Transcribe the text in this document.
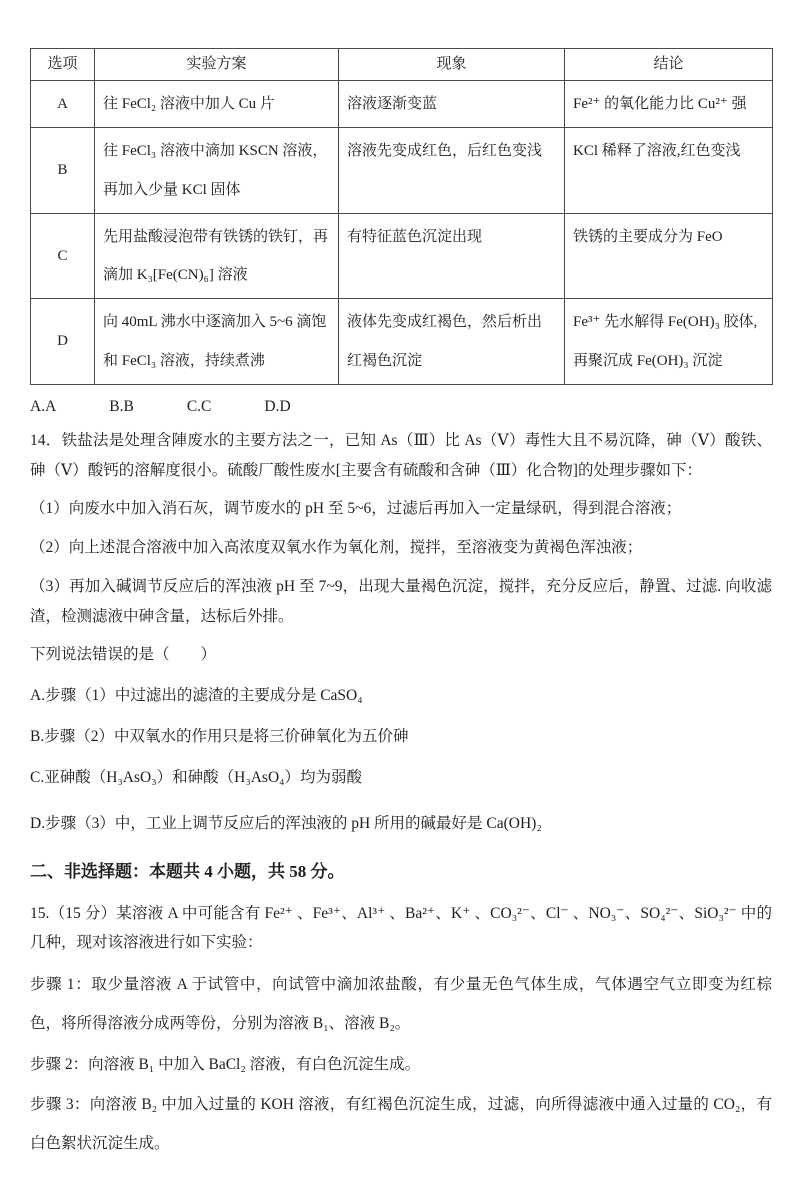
选项	实验方案	现象	结论
A	往 FeCl₂ 溶液中加人 Cu 片	溶液逐渐变蓝	Fe²⁺ 的氧化能力比 Cu²⁺ 强
B	往 FeCl₃ 溶液中滴加 KSCN 溶液，再加入少量 KCl 固体	溶液先变成红色，后红色变浅	KCl 稀释了溶液,红色变浅
C	先用盐酸浸泡带有铁锈的铁钉，再滴加 K₃[Fe(CN)₆] 溶液	有特征蓝色沉淀出现	铁锈的主要成分为 FeO
D	向 40mL 沸水中逐滴加入 5~6 滴饱和 FeCl₃ 溶液，持续煮沸	液体先变成红褐色，然后析出红褐色沉淀	Fe³⁺ 先水解得 Fe(OH)₃ 胶体,再聚沉成 Fe(OH)₃ 沉淀
A.A	B.B	C.C	D.D

14．铁盐法是处理含陣废水的主要方法之一，已知 As（Ⅲ）比 As（Ⅴ）毒性大且不易沉降，砷（Ⅴ）酸铁、砷（Ⅴ）酸钙的溶解度很小。硫酸厂酸性废水[主要含有硫酸和含砷（Ⅲ）化合物]的处理步骤如下：

（1）向废水中加入消石灰，调节废水的 pH 至 5~6，过滤后再加入一定量绿矾，得到混合溶液；

（2）向上述混合溶液中加入高浓度双氧水作为氧化剂，搅拌，至溶液变为黄褐色浑浊液；

（3）再加入碱调节反应后的浑浊液 pH 至 7~9，出现大量褐色沉淀，搅拌，充分反应后，静置、过滤. 向收滤渣，检测滤液中砷含量，达标后外排。

下列说法错误的是（　　）

A.步骤（1）中过滤出的滤渣的主要成分是 CaSO₄

B.步骤（2）中双氧水的作用只是将三价砷氧化为五价砷

C.亚砷酸（H₃AsO₃）和砷酸（H₃AsO₄）均为弱酸

D.步骤（3）中，工业上调节反应后的浑浊液的 pH 所用的碱最好是 Ca(OH)₂

二、非选择题：本题共 4 小题，共 58 分。

15.（15 分）某溶液 A 中可能含有 Fe²⁺ 、Fe³⁺、Al³⁺ 、Ba²⁺、K⁺ 、CO₃²⁻、Cl⁻ 、NO₃⁻、SO₄²⁻、SiO₃²⁻ 中的几种，现对该溶液进行如下实验：

步骤 1：取少量溶液 A 于试管中，向试管中滴加浓盐酸，有少量无色气体生成，气体遇空气立即变为红棕色，将所得溶液分成两等份，分别为溶液 B₁、溶液 B₂。

步骤 2：向溶液 B₁ 中加入 BaCl₂ 溶液，有白色沉淀生成。

步骤 3：向溶液 B₂ 中加入过量的 KOH 溶液，有红褐色沉淀生成，过滤，向所得滤液中通入过量的 CO₂，有白色絮状沉淀生成。
